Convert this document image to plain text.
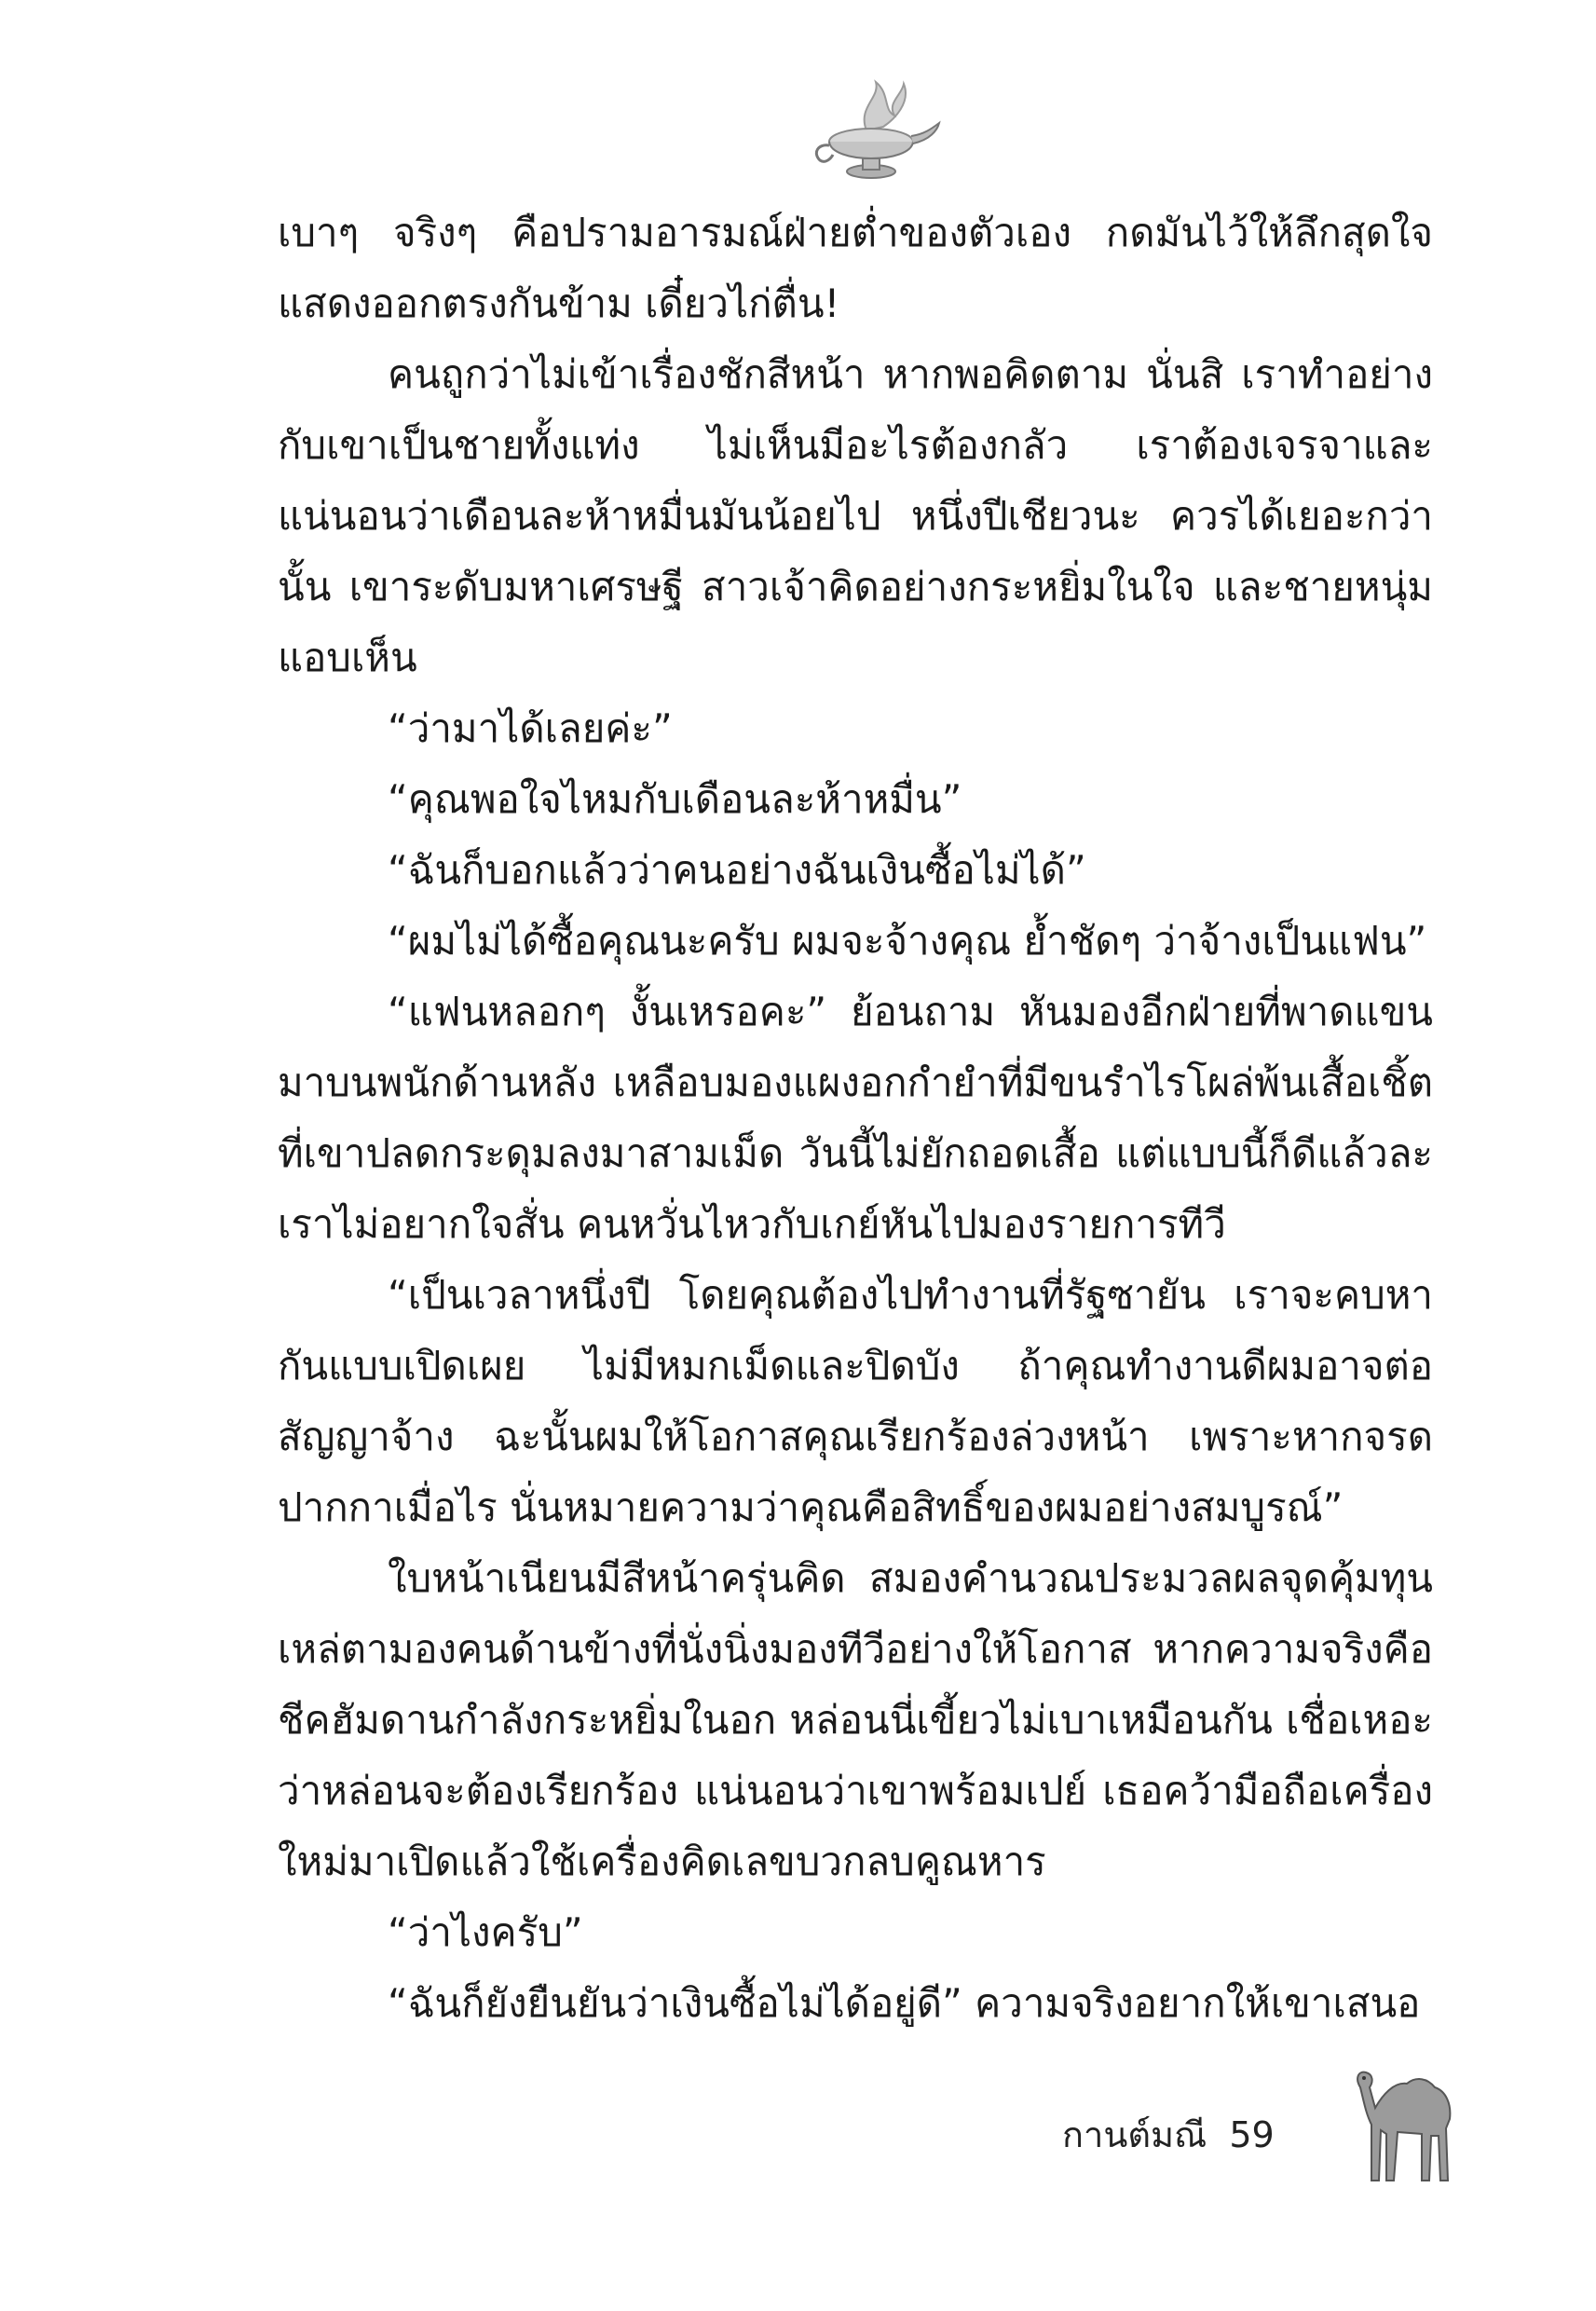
เบาๆ จริงๆ คือปรามอารมณ์ฝ่ายต่ำของตัวเอง กดมันไว้ให้ลึกสุดใจ แสดงออกตรงกันข้าม เดี๋ยวไก่ตื่น!

คนถูกว่าไม่เข้าเรื่องชักสีหน้า หากพอคิดตาม นั่นสิ เราทำอย่างกับเขาเป็นชายทั้งแท่ง ไม่เห็นมีอะไรต้องกลัว เราต้องเจรจาและแน่นอนว่าเดือนละห้าหมื่นมันน้อยไป หนึ่งปีเชียวนะ ควรได้เยอะกว่านั้น เขาระดับมหาเศรษฐี สาวเจ้าคิดอย่างกระหยิ่มในใจ และชายหนุ่มแอบเห็น

“ว่ามาได้เลยค่ะ”

“คุณพอใจไหมกับเดือนละห้าหมื่น”

“ฉันก็บอกแล้วว่าคนอย่างฉันเงินซื้อไม่ได้”

“ผมไม่ได้ซื้อคุณนะครับ ผมจะจ้างคุณ ย้ำชัดๆ ว่าจ้างเป็นแฟน”

“แฟนหลอกๆ งั้นเหรอคะ” ย้อนถาม หันมองอีกฝ่ายที่พาดแขนมาบนพนักด้านหลัง เหลือบมองแผงอกกำยำที่มีขนรำไรโผล่พ้นเสื้อเชิ้ตที่เขาปลดกระดุมลงมาสามเม็ด วันนี้ไม่ยักถอดเสื้อ แต่แบบนี้ก็ดีแล้วละ เราไม่อยากใจสั่น คนหวั่นไหวกับเกย์หันไปมองรายการทีวี

“เป็นเวลาหนึ่งปี โดยคุณต้องไปทำงานที่รัฐซายัน เราจะคบหากันแบบเปิดเผย ไม่มีหมกเม็ดและปิดบัง ถ้าคุณทำงานดีผมอาจต่อสัญญาจ้าง ฉะนั้นผมให้โอกาสคุณเรียกร้องล่วงหน้า เพราะหากจรดปากกาเมื่อไร นั่นหมายความว่าคุณคือสิทธิ์ของผมอย่างสมบูรณ์”

ใบหน้าเนียนมีสีหน้าครุ่นคิด สมองคำนวณประมวลผลจุดคุ้มทุนเหล่ตามองคนด้านข้างที่นั่งนิ่งมองทีวีอย่างให้โอกาส หากความจริงคือชีคฮัมดานกำลังกระหยิ่มในอก หล่อนนี่เขี้ยวไม่เบาเหมือนกัน เชื่อเหอะว่าหล่อนจะต้องเรียกร้อง แน่นอนว่าเขาพร้อมเปย์ เธอคว้ามือถือเครื่องใหม่มาเปิดแล้วใช้เครื่องคิดเลขบวกลบคูณหาร

“ว่าไงครับ”

“ฉันก็ยังยืนยันว่าเงินซื้อไม่ได้อยู่ดี” ความจริงอยากให้เขาเสนอ

กานต์มณี 59
